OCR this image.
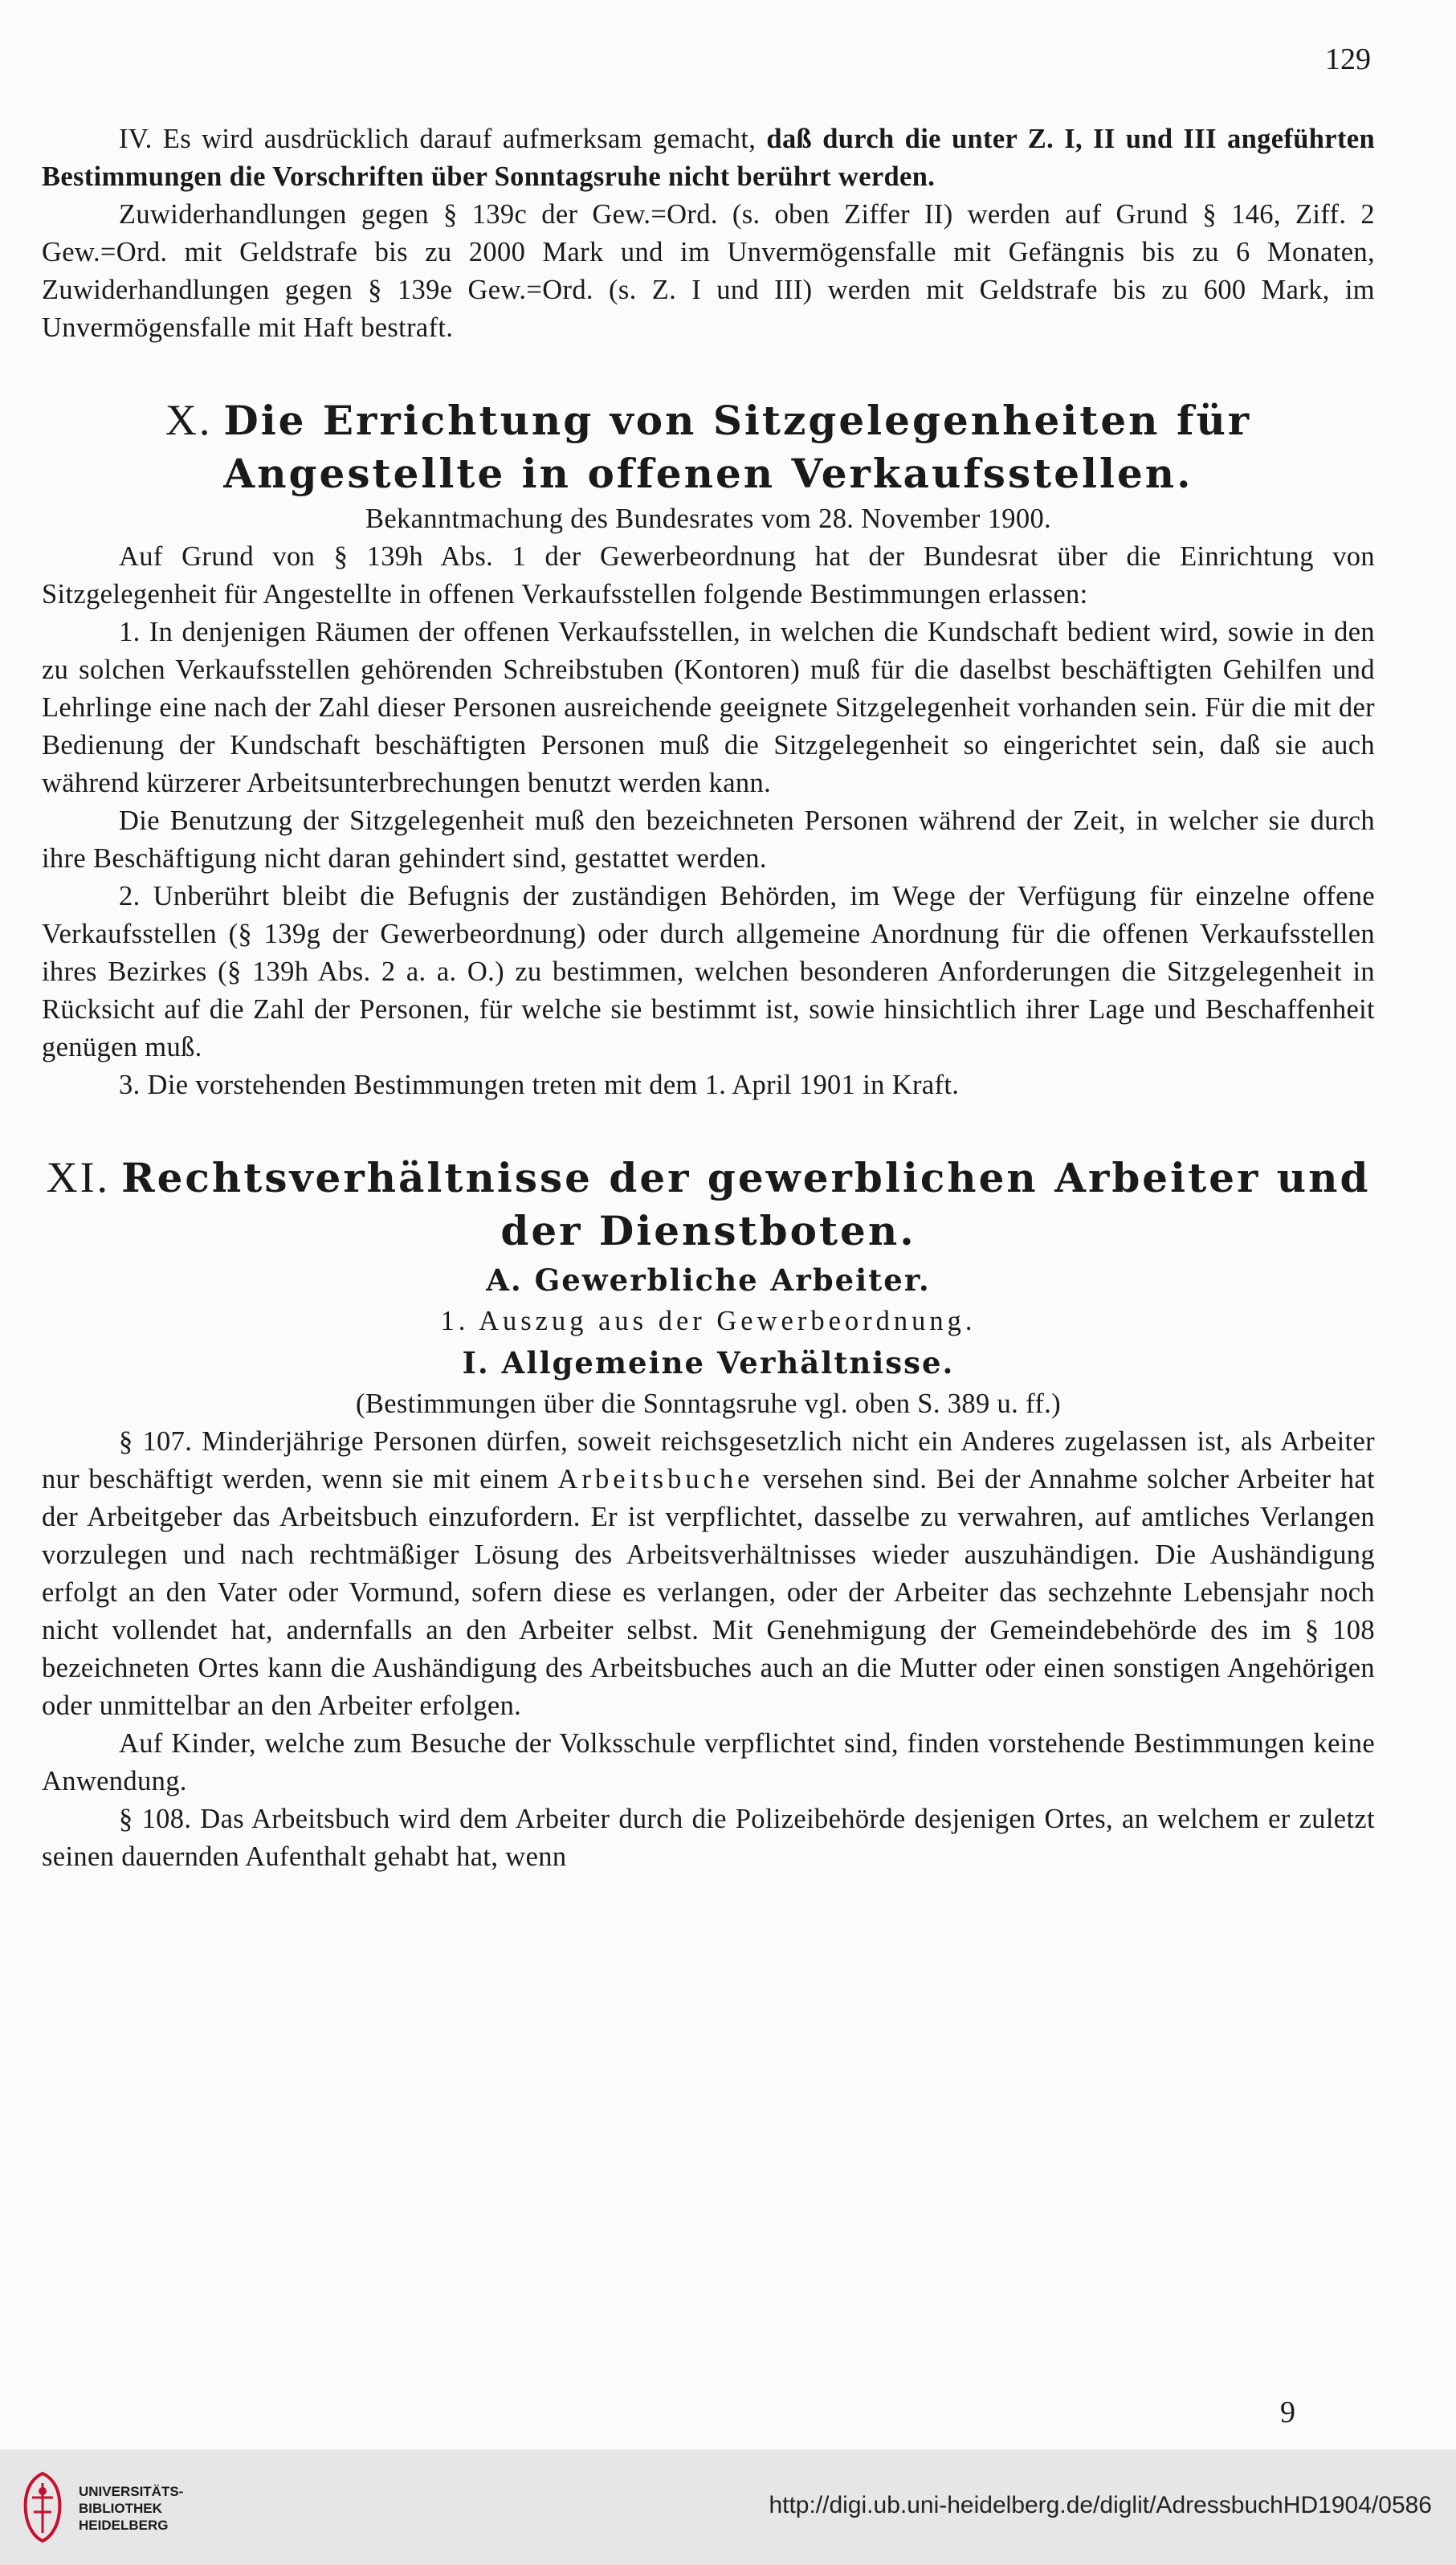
129

IV. Es wird ausdrücklich darauf aufmerksam gemacht, daß durch die unter Z. I, II und III angeführten Bestimmungen die Vorschriften über Sonntagsruhe nicht berührt werden.

Zuwiderhandlungen gegen § 139c der Gew.=Ord. (s. oben Ziffer II) werden auf Grund § 146, Ziff. 2 Gew.=Ord. mit Geldstrafe bis zu 2000 Mark und im Unvermögensfalle mit Gefängnis bis zu 6 Monaten, Zuwiderhandlungen gegen § 139e Gew.=Ord. (s. Z. I und III) werden mit Geldstrafe bis zu 600 Mark, im Unvermögensfalle mit Haft bestraft.

X. Die Errichtung von Sitzgelegenheiten für Angestellte in offenen Verkaufsstellen.

Bekanntmachung des Bundesrates vom 28. November 1900.

Auf Grund von § 139h Abs. 1 der Gewerbeordnung hat der Bundesrat über die Einrichtung von Sitzgelegenheit für Angestellte in offenen Verkaufsstellen folgende Bestimmungen erlassen:

1. In denjenigen Räumen der offenen Verkaufsstellen, in welchen die Kundschaft bedient wird, sowie in den zu solchen Verkaufsstellen gehörenden Schreibstuben (Kontoren) muß für die daselbst beschäftigten Gehilfen und Lehrlinge eine nach der Zahl dieser Personen ausreichende geeignete Sitzgelegenheit vorhanden sein. Für die mit der Bedienung der Kundschaft beschäftigten Personen muß die Sitzgelegenheit so eingerichtet sein, daß sie auch während kürzerer Arbeitsunterbrechungen benutzt werden kann.

Die Benutzung der Sitzgelegenheit muß den bezeichneten Personen während der Zeit, in welcher sie durch ihre Beschäftigung nicht daran gehindert sind, gestattet werden.

2. Unberührt bleibt die Befugnis der zuständigen Behörden, im Wege der Verfügung für einzelne offene Verkaufsstellen (§ 139g der Gewerbeordnung) oder durch allgemeine Anordnung für die offenen Verkaufsstellen ihres Bezirkes (§ 139h Abs. 2 a. a. O.) zu bestimmen, welchen besonderen Anforderungen die Sitzgelegenheit in Rücksicht auf die Zahl der Personen, für welche sie bestimmt ist, sowie hinsichtlich ihrer Lage und Beschaffenheit genügen muß.

3. Die vorstehenden Bestimmungen treten mit dem 1. April 1901 in Kraft.

XI. Rechtsverhältnisse der gewerblichen Arbeiter und der Dienstboten.
A. Gewerbliche Arbeiter.

1. Auszug aus der Gewerbeordnung.

I. Allgemeine Verhältnisse.

(Bestimmungen über die Sonntagsruhe vgl. oben S. 389 u. ff.)

§ 107. Minderjährige Personen dürfen, soweit reichsgesetzlich nicht ein Anderes zugelassen ist, als Arbeiter nur beschäftigt werden, wenn sie mit einem Arbeitsbuche versehen sind. Bei der Annahme solcher Arbeiter hat der Arbeitgeber das Arbeitsbuch einzufordern. Er ist verpflichtet, dasselbe zu verwahren, auf amtliches Verlangen vorzulegen und nach rechtmäßiger Lösung des Arbeitsverhältnisses wieder auszuhändigen. Die Aushändigung erfolgt an den Vater oder Vormund, sofern diese es verlangen, oder der Arbeiter das sechzehnte Lebensjahr noch nicht vollendet hat, andernfalls an den Arbeiter selbst. Mit Genehmigung der Gemeindebehörde des im § 108 bezeichneten Ortes kann die Aushändigung des Arbeitsbuches auch an die Mutter oder einen sonstigen Angehörigen oder unmittelbar an den Arbeiter erfolgen.

Auf Kinder, welche zum Besuche der Volksschule verpflichtet sind, finden vorstehende Bestimmungen keine Anwendung.

§ 108. Das Arbeitsbuch wird dem Arbeiter durch die Polizeibehörde desjenigen Ortes, an welchem er zuletzt seinen dauernden Aufenthalt gehabt hat, wenn

9
UNIVERSITÄTS-
BIBLIOTHEK
HEIDELBERG
http://digi.ub.uni-heidelberg.de/diglit/AdressbuchHD1904/0586
